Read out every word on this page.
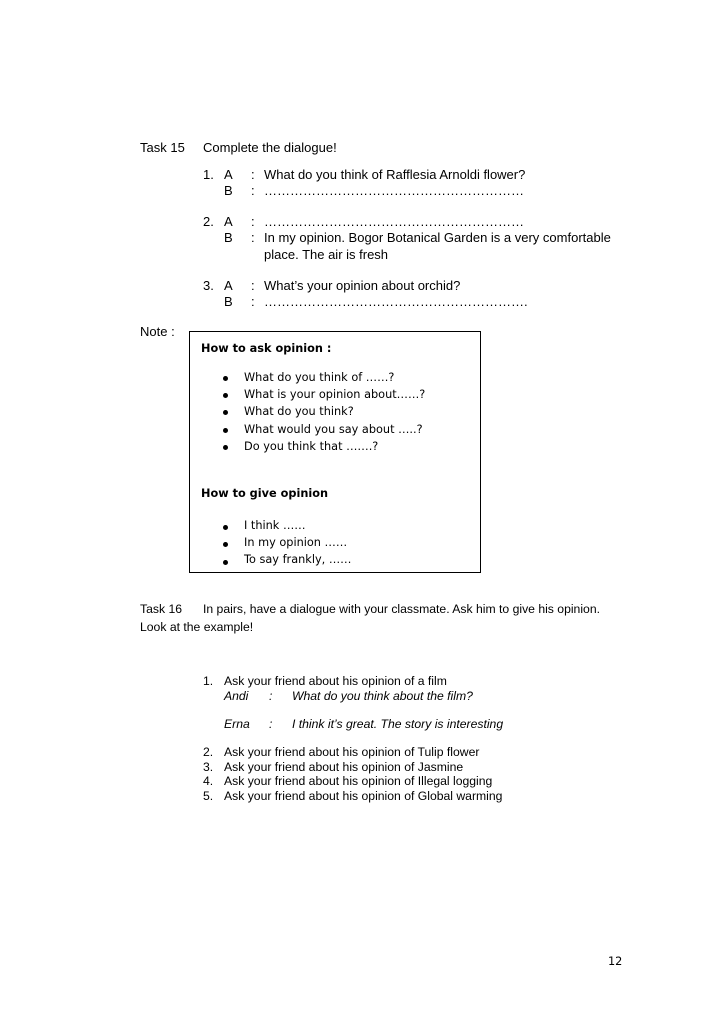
Task 15 Complete the dialogue!
1. A : What do you think of Rafflesia Arnoldi flower?
B : ……………………………………………………
2. A : ……………………………………………………
B : In my opinion. Bogor Botanical Garden is a very comfortable
place. The air is fresh
3. A : What’s your opinion about orchid?
B : …………………………………………………….
Note :
How to ask opinion :
What do you think of ……?
What is your opinion about……?
What do you think?
What would you say about …..?
Do you think that …….?
How to give opinion
I think ……
In my opinion ……
To say frankly, ……
Task 16 In pairs, have a dialogue with your classmate. Ask him to give his opinion.
Look at the example!
1. Ask your friend about his opinion of a film
Andi : What do you think about the film?
Erna : I think it’s great. The story is interesting
2. Ask your friend about his opinion of Tulip flower
3. Ask your friend about his opinion of Jasmine
4. Ask your friend about his opinion of Illegal logging
5. Ask your friend about his opinion of Global warming
12
